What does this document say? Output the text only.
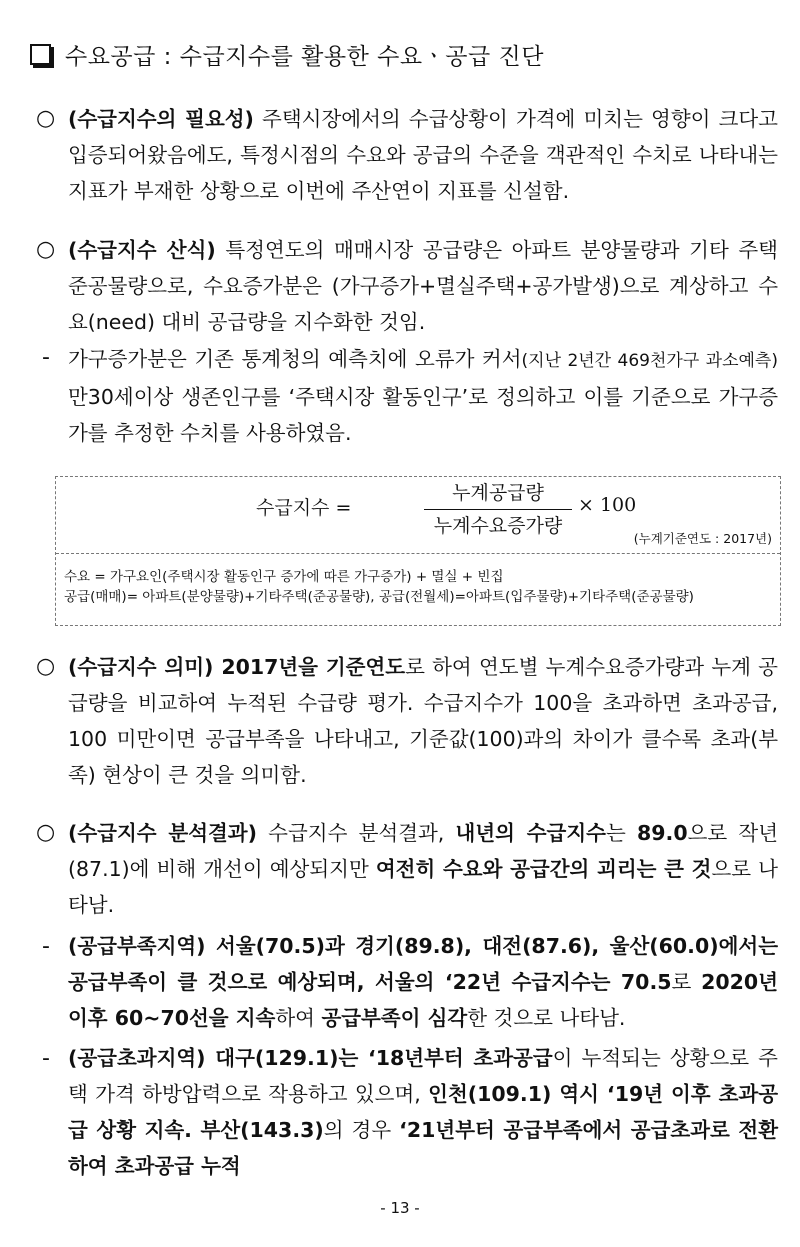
수요공급 : 수급지수를 활용한 수요ㆍ공급 진단
○ (수급지수의 필요성) 주택시장에서의 수급상황이 가격에 미치는 영향이 크다고 입증되어왔음에도, 특정시점의 수요와 공급의 수준을 객관적인 수치로 나타내는 지표가 부재한 상황으로 이번에 주산연이 지표를 신설함.
○ (수급지수 산식) 특정연도의 매매시장 공급량은 아파트 분양물량과 기타 주택 준공물량으로, 수요증가분은 (가구증가+멸실주택+공가발생)으로 계상하고 수요(need) 대비 공급량을 지수화한 것임.
- 가구증가분은 기존 통계청의 예측치에 오류가 커서(지난 2년간 469천가구 과소예측) 만30세이상 생존인구를 ‘주택시장 활동인구’로 정의하고 이를 기준으로 가구증가를 추정한 수치를 사용하였음.
수급지수 =
누계공급량
누계수요증가량
× 100
(누계기준연도 : 2017년)
수요 = 가구요인(주택시장 활동인구 증가에 따른 가구증가) + 멸실 + 빈집
공급(매매)= 아파트(분양물량)+기타주택(준공물량), 공급(전월세)=아파트(입주물량)+기타주택(준공물량)
○ (수급지수 의미) 2017년을 기준연도로 하여 연도별 누계수요증가량과 누계 공급량을 비교하여 누적된 수급량 평가. 수급지수가 100을 초과하면 초과공급, 100 미만이면 공급부족을 나타내고, 기준값(100)과의 차이가 클수록 초과(부족) 현상이 큰 것을 의미함.
○ (수급지수 분석결과) 수급지수 분석결과, 내년의 수급지수는 89.0으로 작년(87.1)에 비해 개선이 예상되지만 여전히 수요와 공급간의 괴리는 큰 것으로 나타남.
- (공급부족지역) 서울(70.5)과 경기(89.8), 대전(87.6), 울산(60.0)에서는 공급부족이 클 것으로 예상되며, 서울의 ‘22년 수급지수는 70.5로 2020년 이후 60~70선을 지속하여 공급부족이 심각한 것으로 나타남.
- (공급초과지역) 대구(129.1)는 ‘18년부터 초과공급이 누적되는 상황으로 주택 가격 하방압력으로 작용하고 있으며, 인천(109.1) 역시 ‘19년 이후 초과공급 상황 지속. 부산(143.3)의 경우 ‘21년부터 공급부족에서 공급초과로 전환하여 초과공급 누적
- 13 -
